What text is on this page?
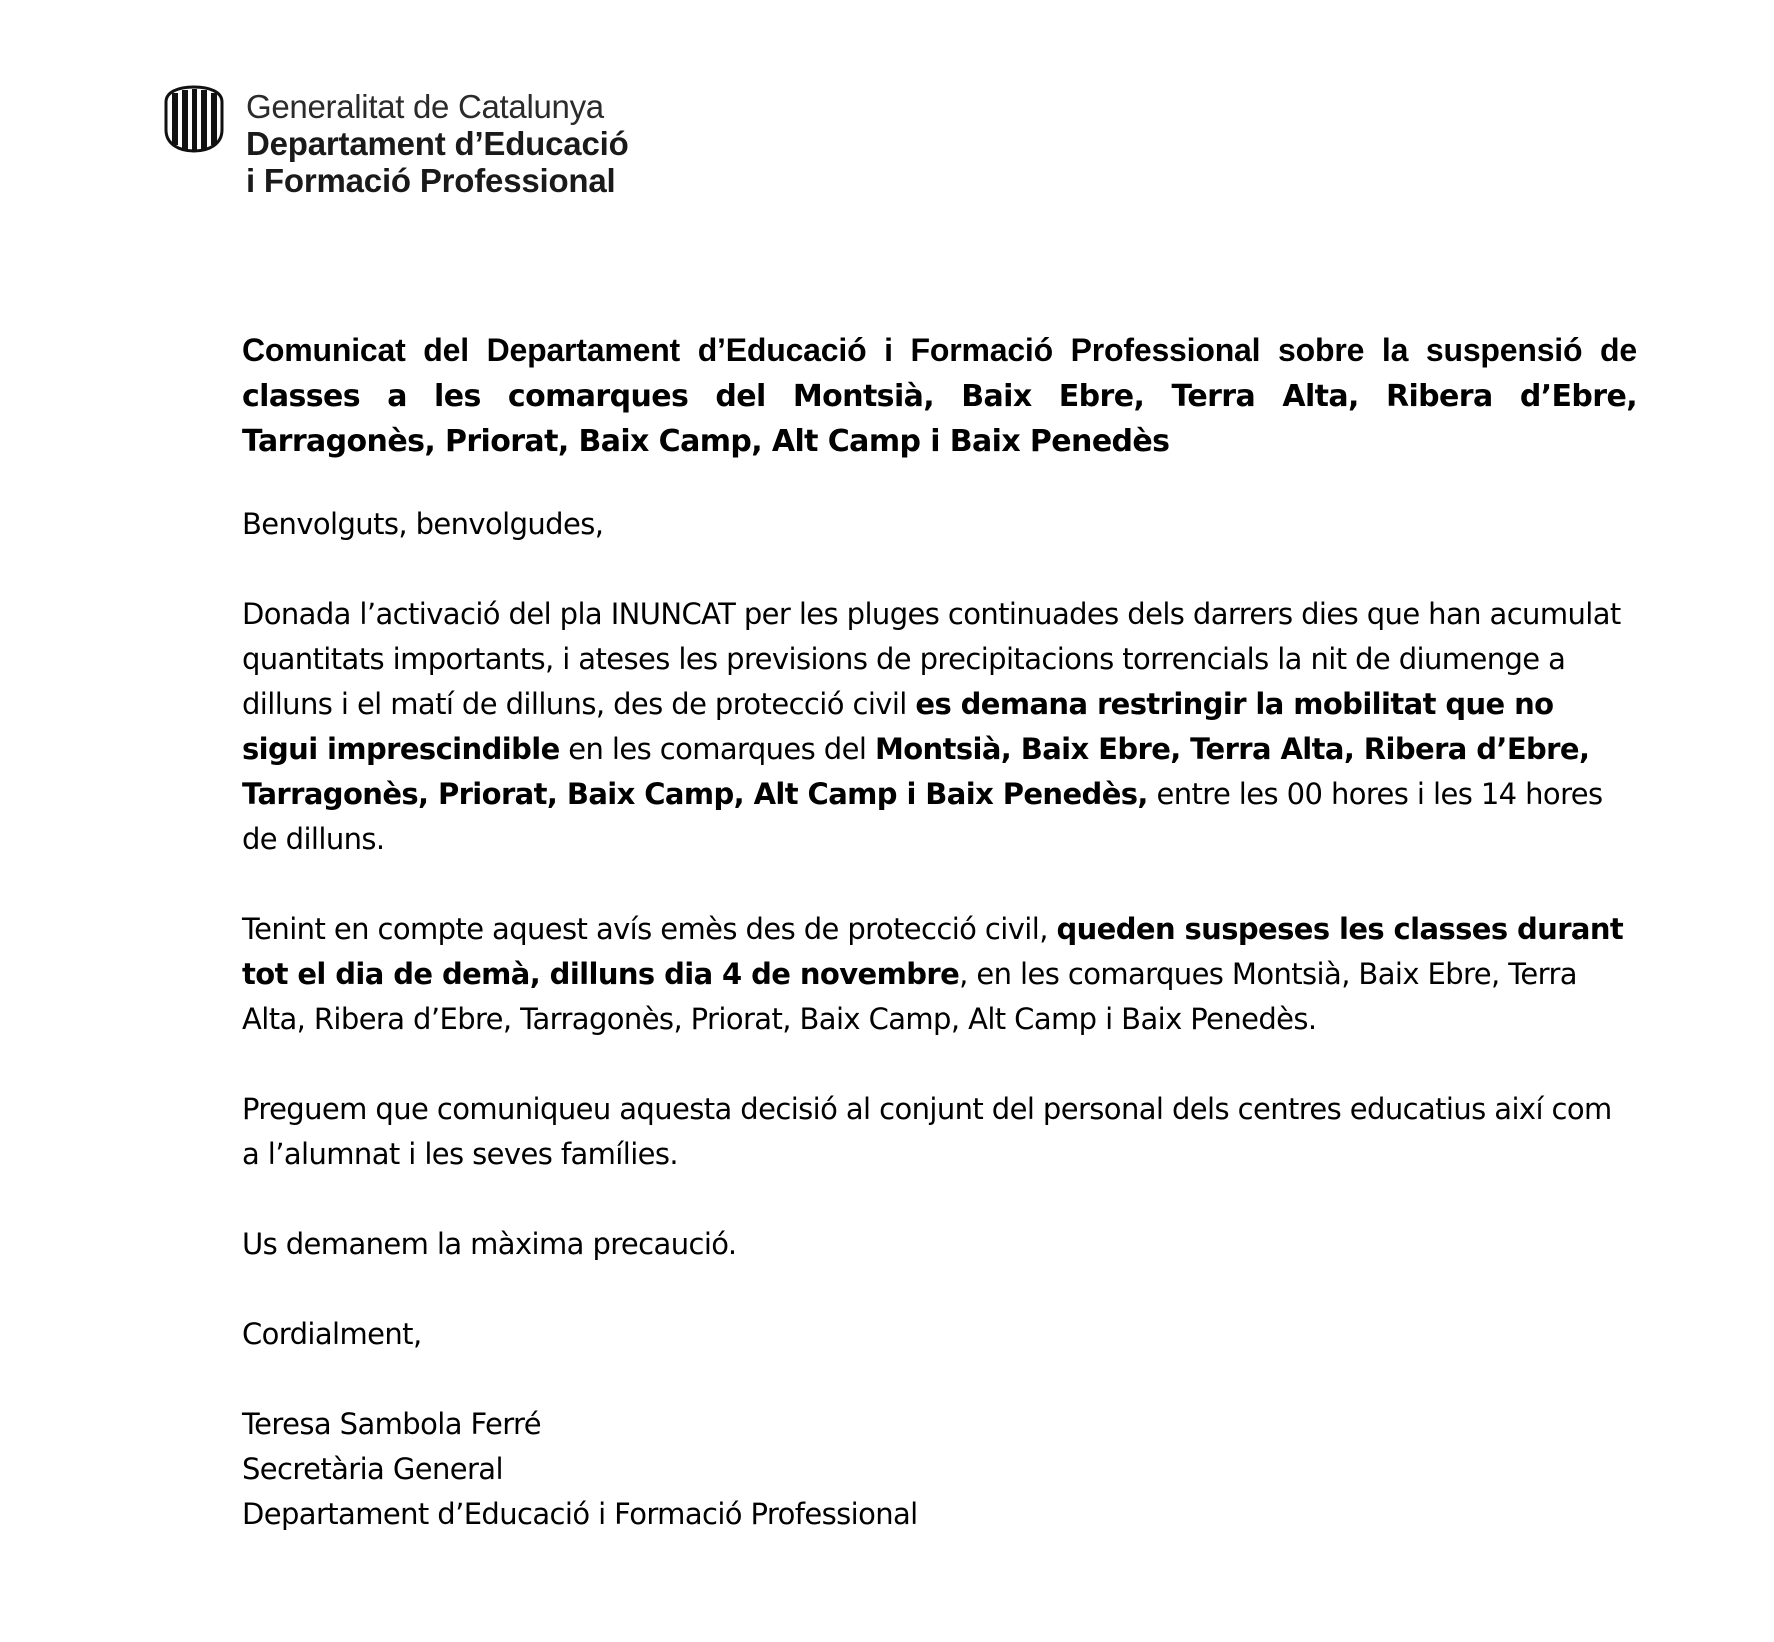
Generalitat de Catalunya
Departament d’Educació
i Formació Professional
Comunicat del Departament d’Educació i Formació Professional sobre la suspensió de classes a les comarques del Montsià, Baix Ebre, Terra Alta, Ribera d’Ebre, Tarragonès, Priorat, Baix Camp, Alt Camp i Baix Penedès

Benvolguts, benvolgudes,

Donada l’activació del pla INUNCAT per les pluges continuades dels darrers dies que han acumulat quantitats importants, i ateses les previsions de precipitacions torrencials la nit de diumenge a dilluns i el matí de dilluns, des de protecció civil es demana restringir la mobilitat que no sigui imprescindible en les comarques del Montsià, Baix Ebre, Terra Alta, Ribera d’Ebre, Tarragonès, Priorat, Baix Camp, Alt Camp i Baix Penedès, entre les 00 hores i les 14 hores de dilluns.

Tenint en compte aquest avís emès des de protecció civil, queden suspeses les classes durant tot el dia de demà, dilluns dia 4 de novembre, en les comarques Montsià, Baix Ebre, Terra Alta, Ribera d’Ebre, Tarragonès, Priorat, Baix Camp, Alt Camp i Baix Penedès.

Preguem que comuniqueu aquesta decisió al conjunt del personal dels centres educatius així com a l’alumnat i les seves famílies.

Us demanem la màxima precaució.

Cordialment,

Teresa Sambola Ferré
Secretària General
Departament d’Educació i Formació Professional
